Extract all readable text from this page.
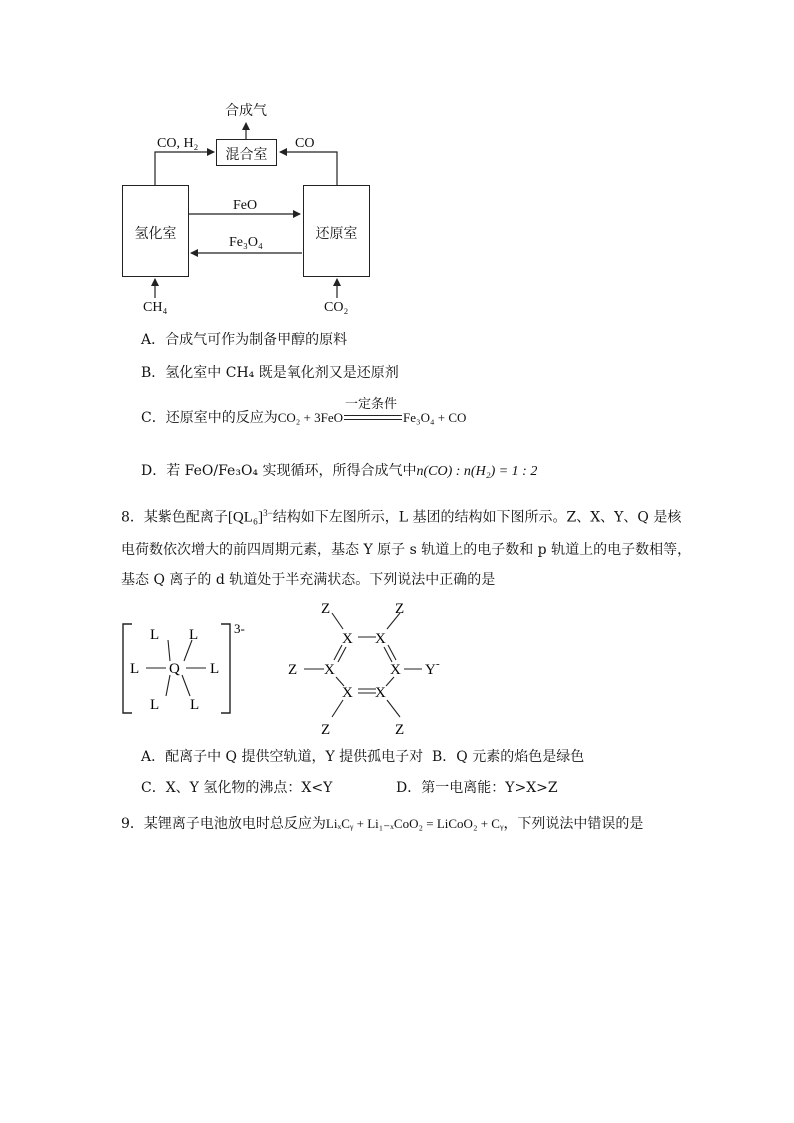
混合室
氢化室	还原室
合成气
CO, H₂	CO
FeO
Fe₃O₄
CH₄	CO₂
A．合成气可作为制备甲醇的原料
B．氢化室中 CH₄ 既是氧化剂又是还原剂
C．还原室中的反应为CO₂ + 3FeO
一定条件
Fe₃O₄ + CO
D．若 FeO/Fe₃O₄ 实现循环，所得合成气中n(CO) : n(H₂) = 1 : 2
8．某紫色配离子$[QL_6]^{3-}$结构如下左图所示，L 基团的结构如下图所示。Z、X、Y、Q 是核
电荷数依次增大的前四周期元素，基态 Y 原子 s 轨道上的电子数和 p 轨道上的电子数相等，
基态 Q 离子的 d 轨道处于半充满状态。下列说法中正确的是
L L
L Q L
L L
3-
Z	Z
X X
Z X	X Y -
X X
Z	Z
A．配离子中 Q 提供空轨道，Y 提供孤电子对 B．Q 元素的焰色是绿色
C．X、Y 氢化物的沸点：X<Y	D．第一电离能：Y>X>Z
9．某锂离子电池放电时总反应为LiₓCᵧ + Li₁₋ₓCoO₂ = LiCoO₂ + Cᵧ，下列说法中错误的是
